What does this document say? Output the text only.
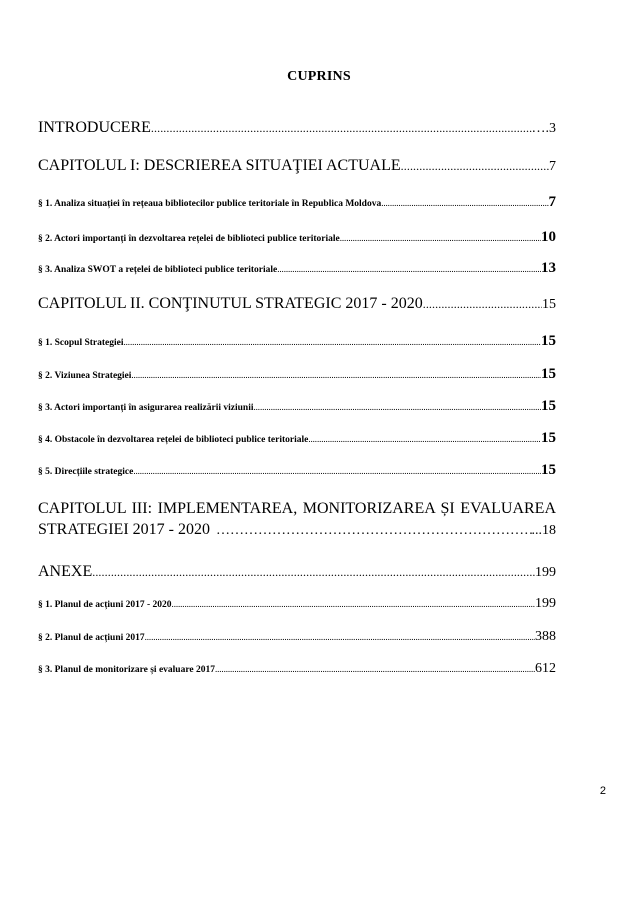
CUPRINS
INTRODUCERE .....	….3
CAPITOLUL I: DESCRIEREA SITUAŢIEI ACTUALE .....	7
§ 1. Analiza situației în rețeaua bibliotecilor publice teritoriale în Republica Moldova .....	7
§ 2. Actori importanți în dezvoltarea rețelei de biblioteci publice teritoriale .....	10
§ 3. Analiza SWOT a rețelei de biblioteci publice teritoriale .....	13
CAPITOLUL II. CONŢINUTUL STRATEGIC 2017 - 2020 .....	15
§ 1. Scopul Strategiei .....	15
§ 2. Viziunea Strategiei .....	15
§ 3. Actori importanți în asigurarea realizării viziunii .....	15
§ 4. Obstacole în dezvoltarea rețelei de biblioteci publice teritoriale .....	15
§ 5. Direcțiile strategice .....	15
CAPITOLUL III: IMPLEMENTAREA, MONITORIZAREA ȘI EVALUAREA
STRATEGIEI 2017 - 2020 ………………………………………………………………………………………………………………………………………………………………	...18
ANEXE .....	199
§ 1. Planul de acțiuni 2017 - 2020 .....	199
§ 2. Planul de acțiuni 2017 .....	388
§ 3. Planul de monitorizare și evaluare 2017 .....	612
2
